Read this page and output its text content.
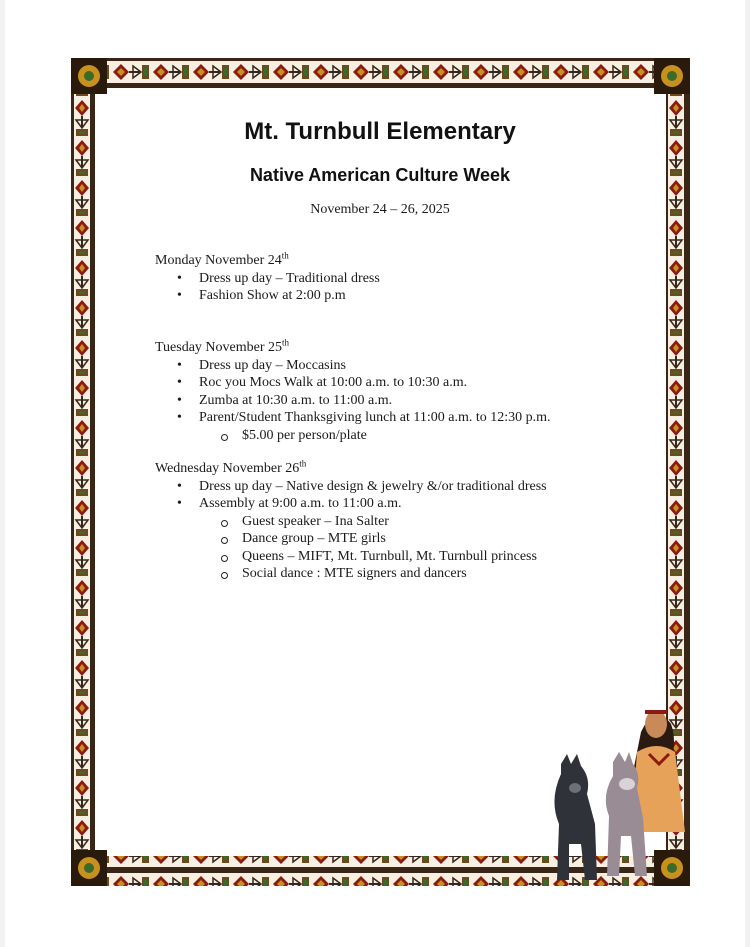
Mt. Turnbull Elementary
Native American Culture Week
November 24 – 26, 2025

Monday November 24th

• Dress up day – Traditional dress
• Fashion Show at 2:00 p.m

Tuesday November 25th

• Dress up day – Moccasins
• Roc you Mocs Walk at 10:00 a.m. to 10:30 a.m.
• Zumba at 10:30 a.m. to 11:00 a.m.
• Parent/Student Thanksgiving lunch at 11:00 a.m. to 12:30 p.m.
$5.00 per person/plate

Wednesday November 26th

• Dress up day – Native design & jewelry &/or traditional dress
• Assembly at 9:00 a.m. to 11:00 a.m.
Guest speaker – Ina Salter
Dance group – MTE girls
Queens – MIFT, Mt. Turnbull, Mt. Turnbull princess
Social dance : MTE signers and dancers
